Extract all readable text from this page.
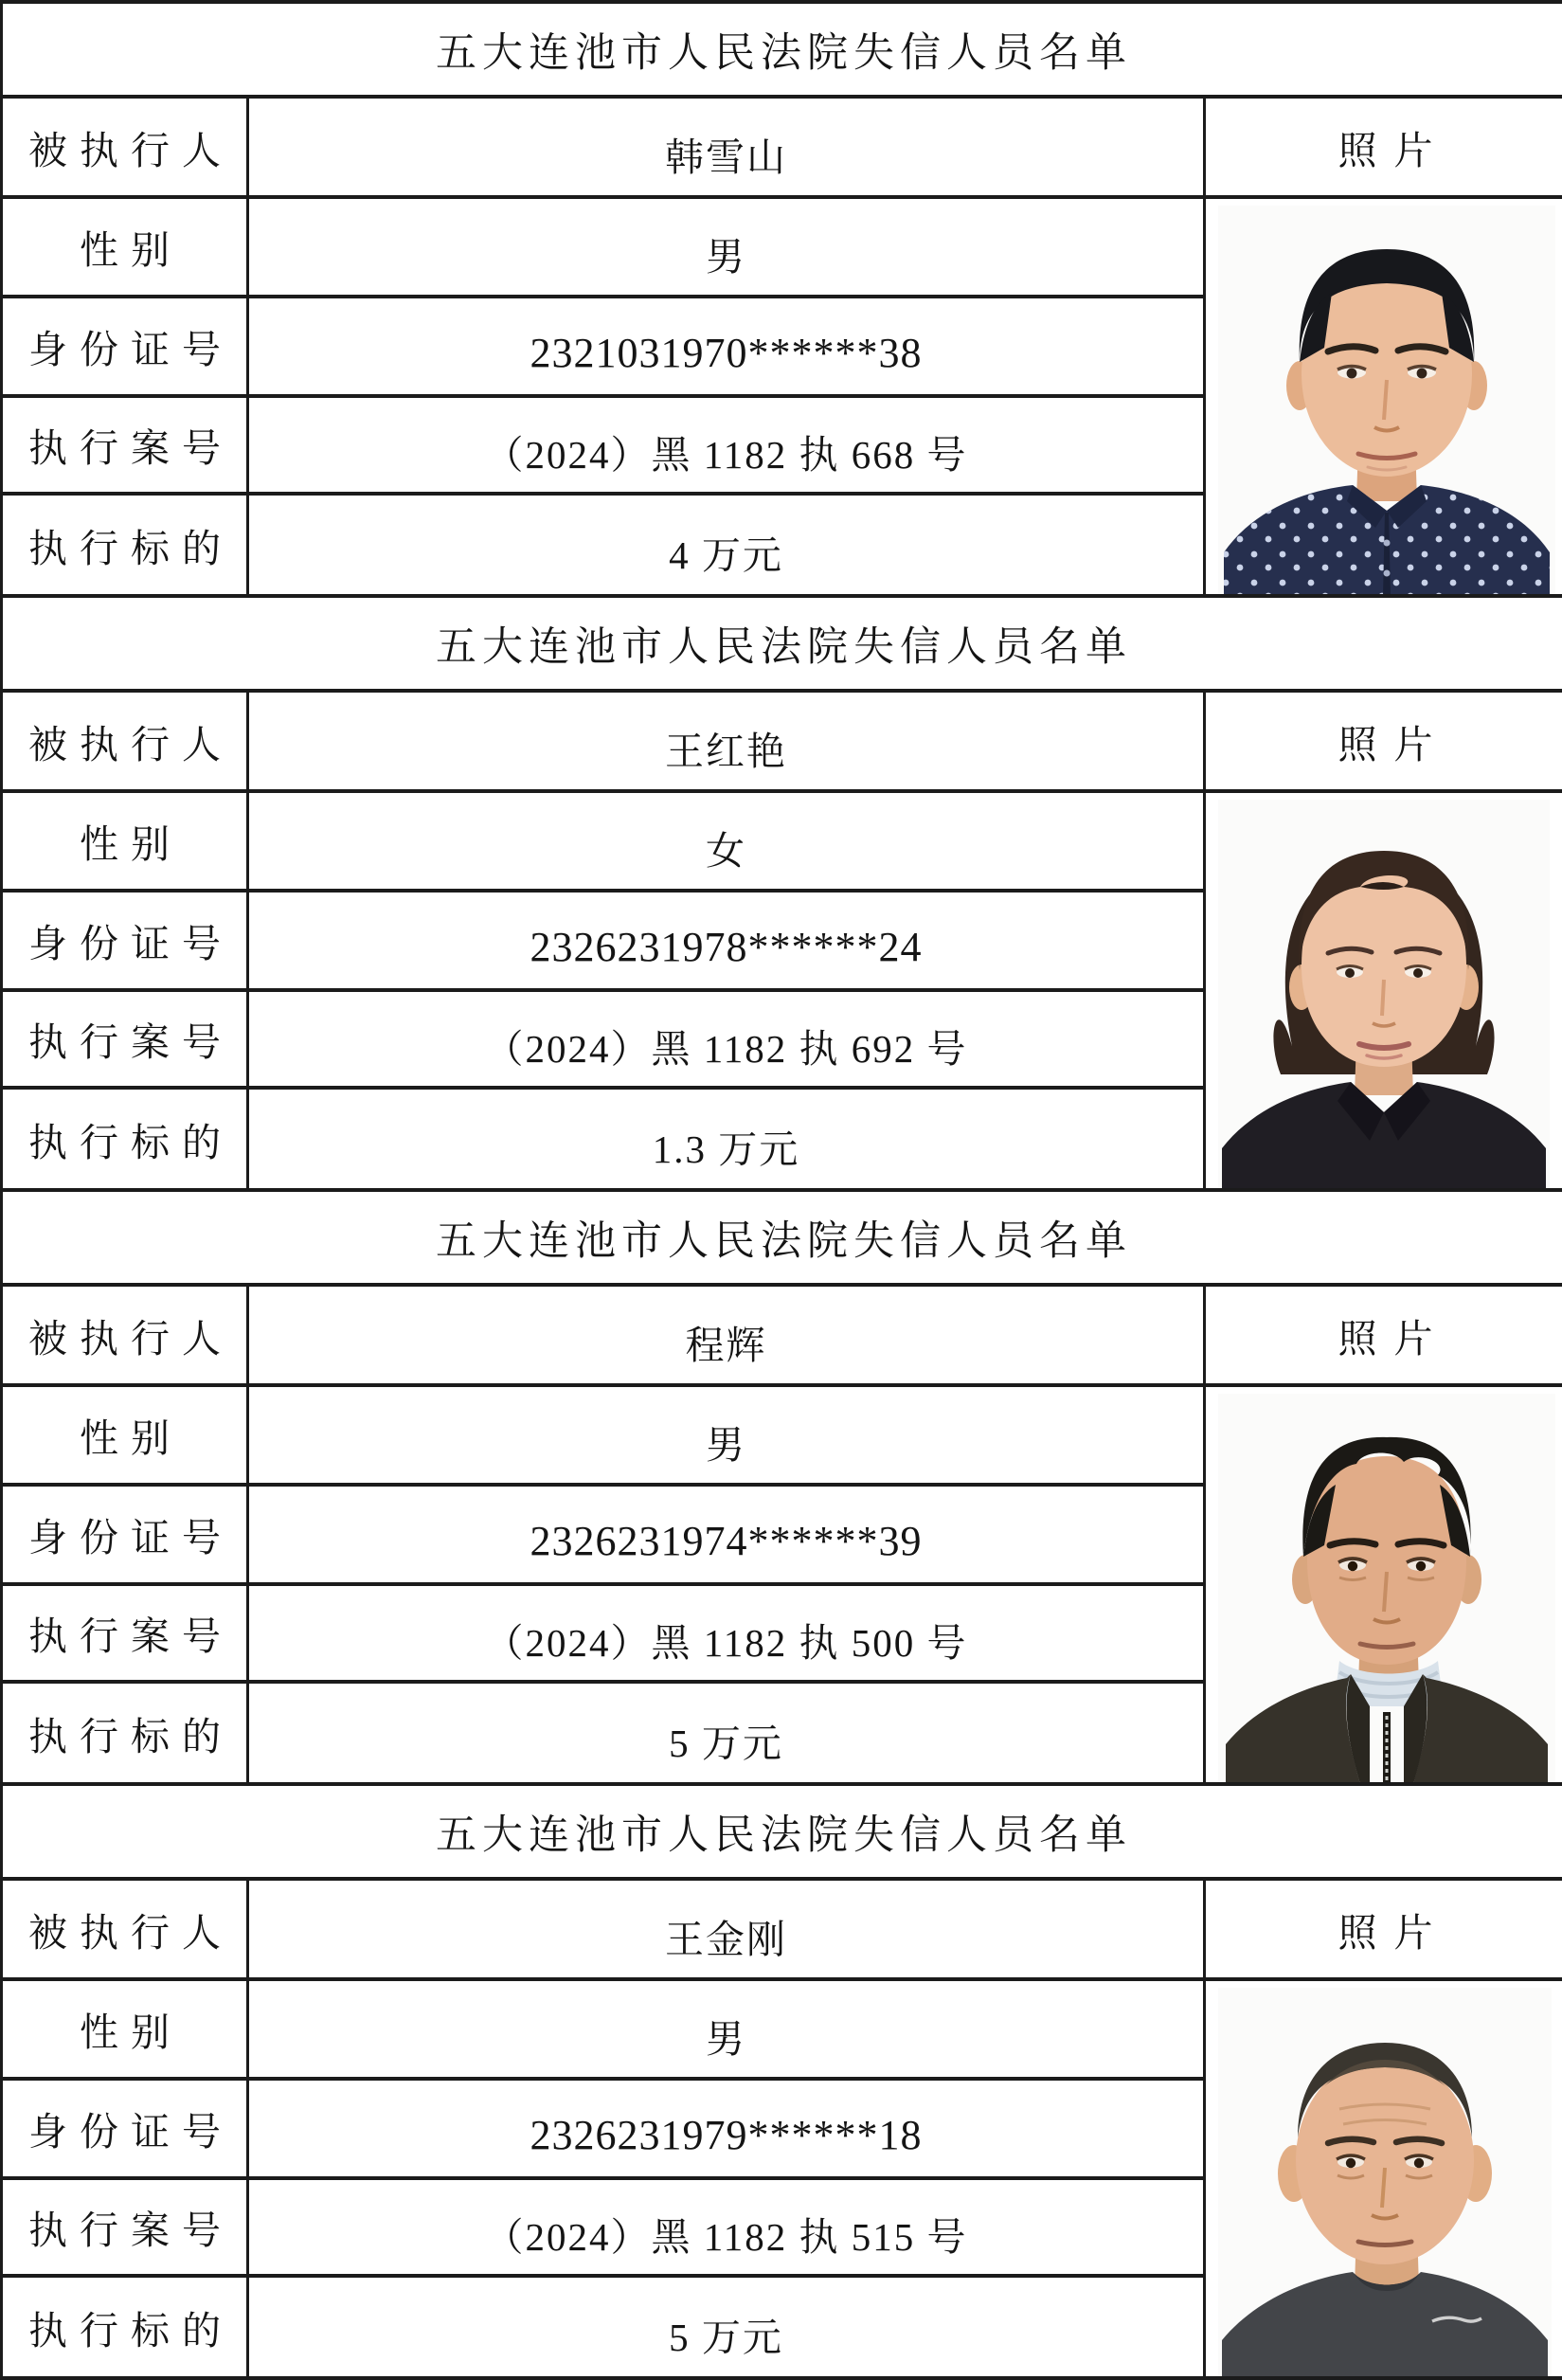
五大连池市人民法院失信人员名单
被执行人	韩雪山	照片
性别	男
身份证号	2321031970******38
执行案号	（2024）黑 1182 执 668 号
执行标的	4 万元
五大连池市人民法院失信人员名单
被执行人	王红艳	照片
性别	女
身份证号	2326231978******24
执行案号	（2024）黑 1182 执 692 号
执行标的	1.3 万元
五大连池市人民法院失信人员名单
被执行人	程辉	照片
性别	男
身份证号	2326231974******39
执行案号	（2024）黑 1182 执 500 号
执行标的	5 万元
五大连池市人民法院失信人员名单
被执行人	王金刚	照片
性别	男
身份证号	2326231979******18
执行案号	（2024）黑 1182 执 515 号
执行标的	5 万元
